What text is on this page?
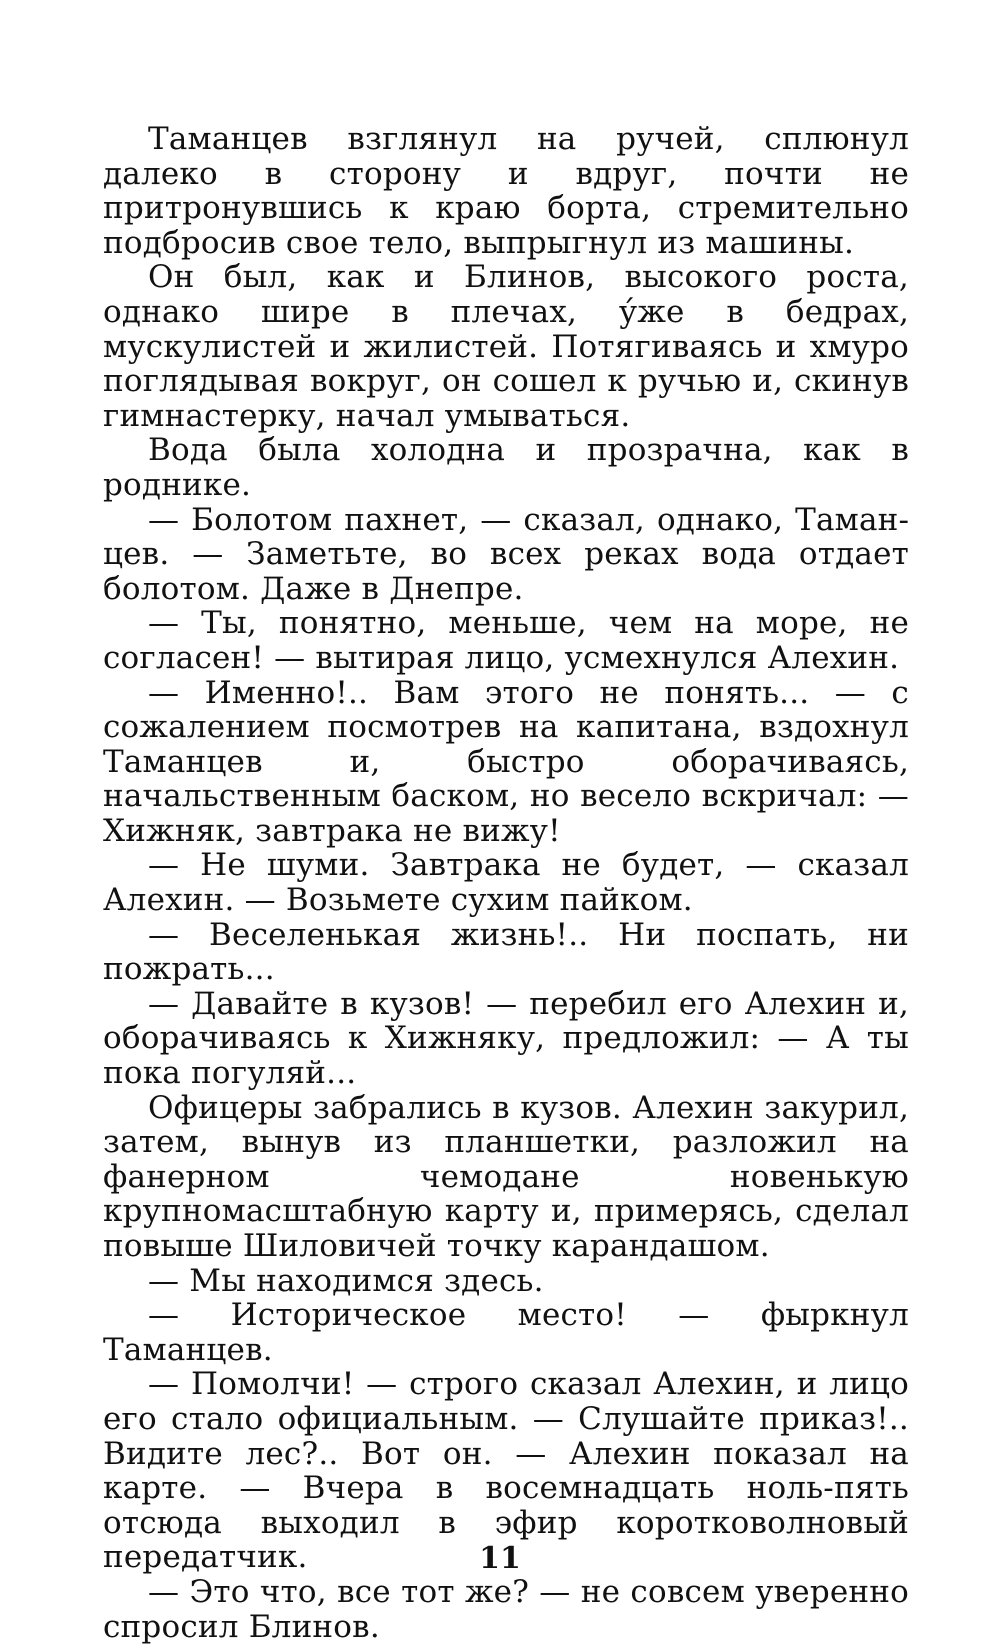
Таманцев взглянул на ручей, сплюнул далеко в сторону и вдруг, почти не притронувшись к краю борта, стремительно подбросив свое тело, выпрыгнул из машины.

Он был, как и Блинов, высокого роста, однако шире в плечах, у́же в бедрах, мускулистей и жилистей. Потягиваясь и хмуро поглядывая вокруг, он сошел к ручью и, скинув гимнастерку, начал умываться.

Вода была холодна и прозрачна, как в роднике.

— Болотом пахнет, — сказал, однако, Таманцев. — Заметьте, во всех реках вода отдает болотом. Даже в Днепре.

— Ты, понятно, меньше, чем на море, не согласен! — вытирая лицо, усмехнулся Алехин.

— Именно!.. Вам этого не понять... — с сожалением посмотрев на капитана, вздохнул Таманцев и, быстро оборачиваясь, начальственным баском, но весело вскричал: — Хижняк, завтрака не вижу!

— Не шуми. Завтрака не будет, — сказал Алехин. — Возьмете сухим пайком.

— Веселенькая жизнь!.. Ни поспать, ни пожрать...

— Давайте в кузов! — перебил его Алехин и, оборачиваясь к Хижняку, предложил: — А ты пока погуляй...

Офицеры забрались в кузов. Алехин закурил, затем, вынув из планшетки, разложил на фанерном чемодане новенькую крупномасштабную карту и, примерясь, сделал повыше Шиловичей точку карандашом.

— Мы находимся здесь.

— Историческое место! — фыркнул Таманцев.

— Помолчи! — строго сказал Алехин, и лицо его стало официальным. — Слушайте приказ!.. Видите лес?.. Вот он. — Алехин показал на карте. — Вчера в восемнадцать ноль-пять отсюда выходил в эфир коротковолновый передатчик.

— Это что, все тот же? — не совсем уверенно спросил Блинов.

11
